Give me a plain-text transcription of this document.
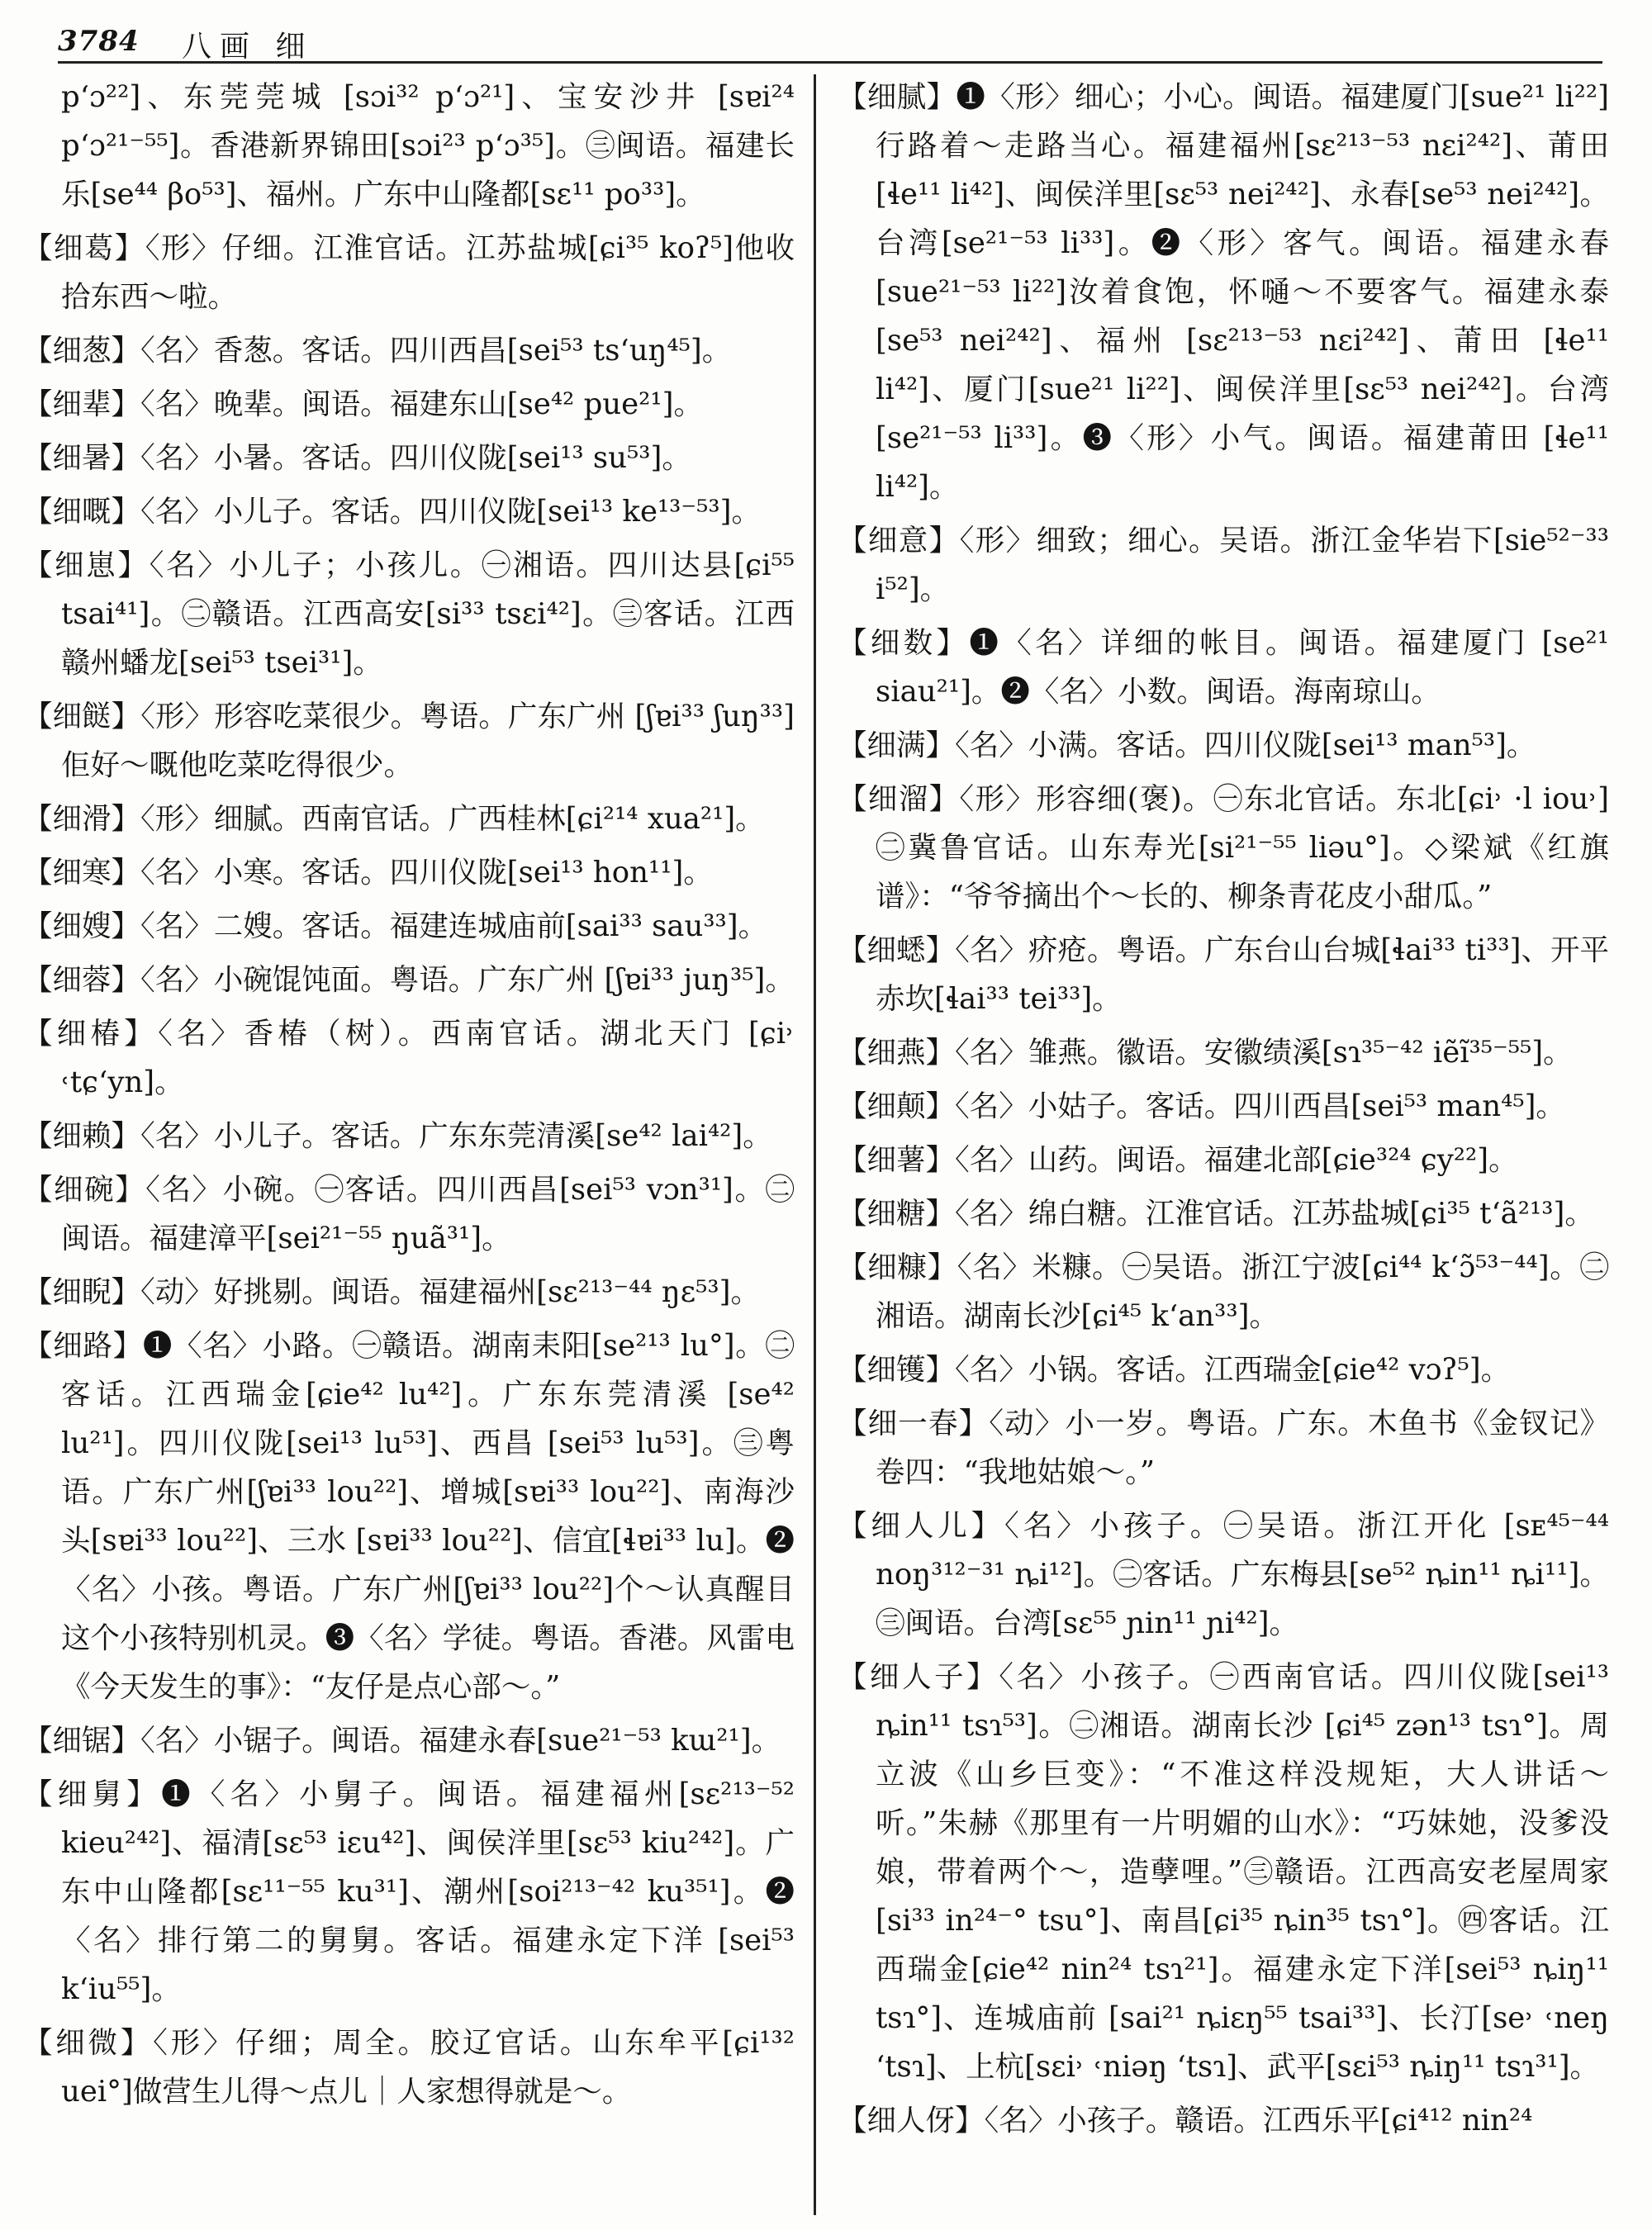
3784 八画 细

p‘ɔ²²]、东莞莞城 [sɔi³² p‘ɔ²¹]、宝安沙井 [sɐi²⁴ p‘ɔ²¹⁻⁵⁵]。香港新界锦田[sɔi²³ p‘ɔ³⁵]。㊂闽语。福建长乐[se⁴⁴ βo⁵³]、福州。广东中山隆都[sɛ¹¹ po³³]。

【细葛】〈形〉仔细。江淮官话。江苏盐城[ɕi³⁵ koʔ⁵]他收拾东西～啦。

【细葱】〈名〉香葱。客话。四川西昌[sei⁵³ ts‘uŋ⁴⁵]。

【细辈】〈名〉晚辈。闽语。福建东山[se⁴² pue²¹]。

【细暑】〈名〉小暑。客话。四川仪陇[sei¹³ su⁵³]。

【细嘅】〈名〉小儿子。客话。四川仪陇[sei¹³ ke¹³⁻⁵³]。

【细崽】〈名〉小儿子；小孩儿。㊀湘语。四川达县[ɕi⁵⁵ tsai⁴¹]。㊁赣语。江西高安[si³³ tsɛi⁴²]。㊂客话。江西赣州蟠龙[sei⁵³ tsei³¹]。

【细餸】〈形〉形容吃菜很少。粤语。广东广州 [ʃɐi³³ ʃuŋ³³]佢好～嘅他吃菜吃得很少。

【细滑】〈形〉细腻。西南官话。广西桂林[ɕi²¹⁴ xua²¹]。

【细寒】〈名〉小寒。客话。四川仪陇[sei¹³ hon¹¹]。

【细嫂】〈名〉二嫂。客话。福建连城庙前[sai³³ sau³³]。

【细蓉】〈名〉小碗馄饨面。粤语。广东广州 [ʃɐi³³ juŋ³⁵]。

【细椿】〈名〉香椿（树）。西南官话。湖北天门 [ɕi˒ ˓tɕ‘yn]。

【细赖】〈名〉小儿子。客话。广东东莞清溪[se⁴² lai⁴²]。

【细碗】〈名〉小碗。㊀客话。四川西昌[sei⁵³ vɔn³¹]。㊁闽语。福建漳平[sei²¹⁻⁵⁵ ŋuã³¹]。

【细睨】〈动〉好挑剔。闽语。福建福州[sɛ²¹³⁻⁴⁴ ŋɛ⁵³]。

【细路】❶〈名〉小路。㊀赣语。湖南耒阳[se²¹³ lu°]。㊁客话。江西瑞金[ɕie⁴² lu⁴²]。广东东莞清溪 [se⁴² lu²¹]。四川仪陇[sei¹³ lu⁵³]、西昌 [sei⁵³ lu⁵³]。㊂粤语。广东广州[ʃɐi³³ lou²²]、增城[sɐi³³ lou²²]、南海沙头[sɐi³³ lou²²]、三水 [sɐi³³ lou²²]、信宜[ɬɐi³³ lu]。❷〈名〉小孩。粤语。广东广州[ʃɐi³³ lou²²]个～认真醒目这个小孩特别机灵。❸〈名〉学徒。粤语。香港。风雷电《今天发生的事》：“友仔是点心部～。”

【细锯】〈名〉小锯子。闽语。福建永春[sue²¹⁻⁵³ kɯ²¹]。

【细舅】❶〈名〉小舅子。闽语。福建福州[sɛ²¹³⁻⁵² kieu²⁴²]、福清[sɛ⁵³ iɛu⁴²]、闽侯洋里[sɛ⁵³ kiu²⁴²]。广东中山隆都[sɛ¹¹⁻⁵⁵ ku³¹]、潮州[soi²¹³⁻⁴² ku³⁵¹]。❷〈名〉排行第二的舅舅。客话。福建永定下洋 [sei⁵³ k‘iu⁵⁵]。

【细微】〈形〉仔细；周全。胶辽官话。山东牟平[ɕi¹³² uei°]做营生儿得～点儿｜人家想得就是～。

【细腻】❶〈形〉细心；小心。闽语。福建厦门[sue²¹ li²²]行路着～走路当心。福建福州[sɛ²¹³⁻⁵³ nɛi²⁴²]、莆田[ɬe¹¹ li⁴²]、闽侯洋里[sɛ⁵³ nei²⁴²]、永春[se⁵³ nei²⁴²]。台湾[se²¹⁻⁵³ li³³]。❷〈形〉客气。闽语。福建永春[sue²¹⁻⁵³ li²²]汝着食饱，怀嗵～不要客气。福建永泰[se⁵³ nei²⁴²]、福州 [sɛ²¹³⁻⁵³ nɛi²⁴²]、莆田 [ɬe¹¹ li⁴²]、厦门[sue²¹ li²²]、闽侯洋里[sɛ⁵³ nei²⁴²]。台湾[se²¹⁻⁵³ li³³]。❸〈形〉小气。闽语。福建莆田 [ɬe¹¹ li⁴²]。

【细意】〈形〉细致；细心。吴语。浙江金华岩下[sie⁵²⁻³³ i⁵²]。

【细数】❶〈名〉详细的帐目。闽语。福建厦门 [se²¹ siau²¹]。❷〈名〉小数。闽语。海南琼山。

【细满】〈名〉小满。客话。四川仪陇[sei¹³ man⁵³]。

【细溜】〈形〉形容细(褒)。㊀东北官话。东北[ɕi˒ ·l iou˒]㊁冀鲁官话。山东寿光[si²¹⁻⁵⁵ liəu°]。◇梁斌《红旗谱》：“爷爷摘出个～长的、柳条青花皮小甜瓜。”

【细蟋】〈名〉疥疮。粤语。广东台山台城[ɬai³³ ti³³]、开平赤坎[ɬai³³ tei³³]。

【细燕】〈名〉雏燕。徽语。安徽绩溪[sɿ³⁵⁻⁴² iẽĩ³⁵⁻⁵⁵]。

【细颠】〈名〉小姑子。客话。四川西昌[sei⁵³ man⁴⁵]。

【细薯】〈名〉山药。闽语。福建北部[ɕie³²⁴ ɕy²²]。

【细糖】〈名〉绵白糖。江淮官话。江苏盐城[ɕi³⁵ t‘ã²¹³]。

【细糠】〈名〉米糠。㊀吴语。浙江宁波[ɕi⁴⁴ k‘ɔ̃⁵³⁻⁴⁴]。㊁湘语。湖南长沙[ɕi⁴⁵ k‘an³³]。

【细镬】〈名〉小锅。客话。江西瑞金[ɕie⁴² vɔʔ⁵]。

【细一春】〈动〉小一岁。粤语。广东。木鱼书《金钗记》卷四：“我地姑娘～。”

【细人儿】〈名〉小孩子。㊀吴语。浙江开化 [sᴇ⁴⁵⁻⁴⁴ noŋ³¹²⁻³¹ ȵi¹²]。㊁客话。广东梅县[se⁵² ȵin¹¹ ȵi¹¹]。㊂闽语。台湾[sɛ⁵⁵ ɲin¹¹ ɲi⁴²]。

【细人子】〈名〉小孩子。㊀西南官话。四川仪陇[sei¹³ ȵin¹¹ tsɿ⁵³]。㊁湘语。湖南长沙 [ɕi⁴⁵ zən¹³ tsɿ°]。周立波《山乡巨变》：“不准这样没规矩，大人讲话～听。”朱赫《那里有一片明媚的山水》：“巧妹她，没爹没娘，带着两个～，造孽哩。”㊂赣语。江西高安老屋周家[si³³ in²⁴⁻° tsu°]、南昌[ɕi³⁵ ȵin³⁵ tsɿ°]。㊃客话。江西瑞金[ɕie⁴² nin²⁴ tsɿ²¹]。福建永定下洋[sei⁵³ ȵiŋ¹¹ tsɿ°]、连城庙前 [sai²¹ ȵiɛŋ⁵⁵ tsai³³]、长汀[se˒ ˓neŋ ‘tsɿ]、上杭[sɛi˒ ˓niəŋ ‘tsɿ]、武平[sɛi⁵³ ȵiŋ¹¹ tsɿ³¹]。

【细人伢】〈名〉小孩子。赣语。江西乐平[ɕi⁴¹² nin²⁴
